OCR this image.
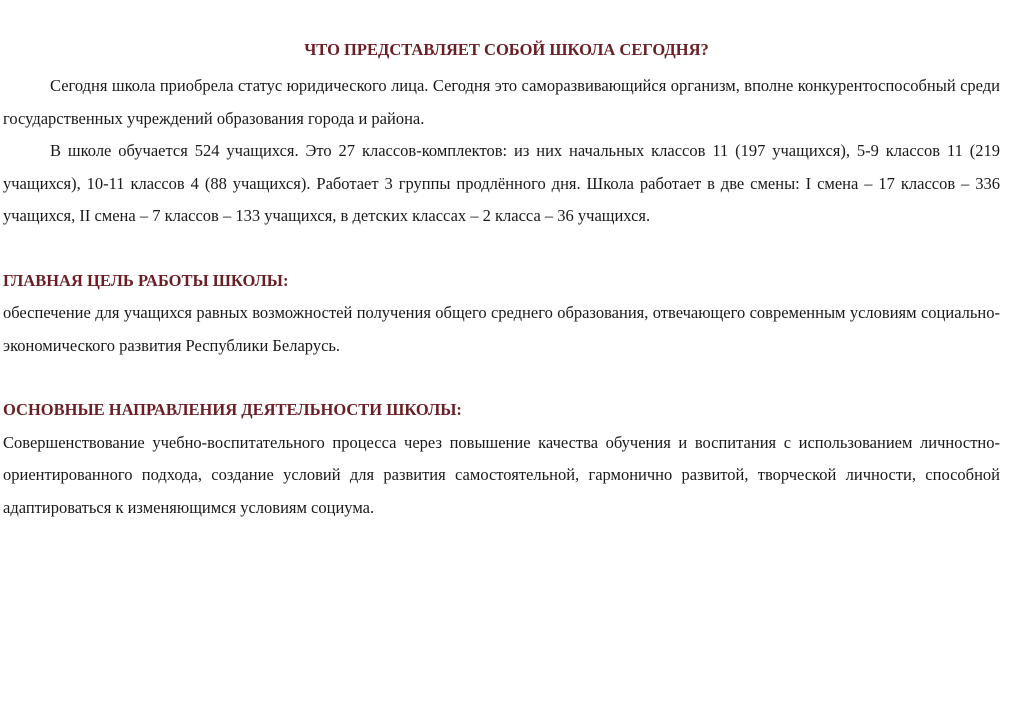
ЧТО ПРЕДСТАВЛЯЕТ СОБОЙ ШКОЛА СЕГОДНЯ?

Сегодня школа приобрела статус юридического лица. Сегодня это саморазвивающийся организм, вполне конкурентоспособный среди государственных учреждений образования города и района.

В школе обучается 524 учащихся. Это 27 классов-комплектов: из них начальных классов 11 (197 учащихся), 5-9 классов 11 (219 учащихся), 10-11 классов 4 (88 учащихся). Работает 3 группы продлённого дня. Школа работает в две смены: I смена – 17 классов – 336 учащихся, II смена – 7 классов – 133 учащихся, в детских классах – 2 класса – 36 учащихся.

ГЛАВНАЯ ЦЕЛЬ РАБОТЫ ШКОЛЫ:

обеспечение для учащихся равных возможностей получения общего среднего образования, отвечающего современным условиям социально-экономического развития Республики Беларусь.

ОСНОВНЫЕ НАПРАВЛЕНИЯ ДЕЯТЕЛЬНОСТИ ШКОЛЫ:

Совершенствование учебно-воспитательного процесса через повышение качества обучения и воспитания с использованием личностно-ориентированного подхода, создание условий для развития самостоятельной, гармонично развитой, творческой личности, способной адаптироваться к изменяющимся условиям социума.
